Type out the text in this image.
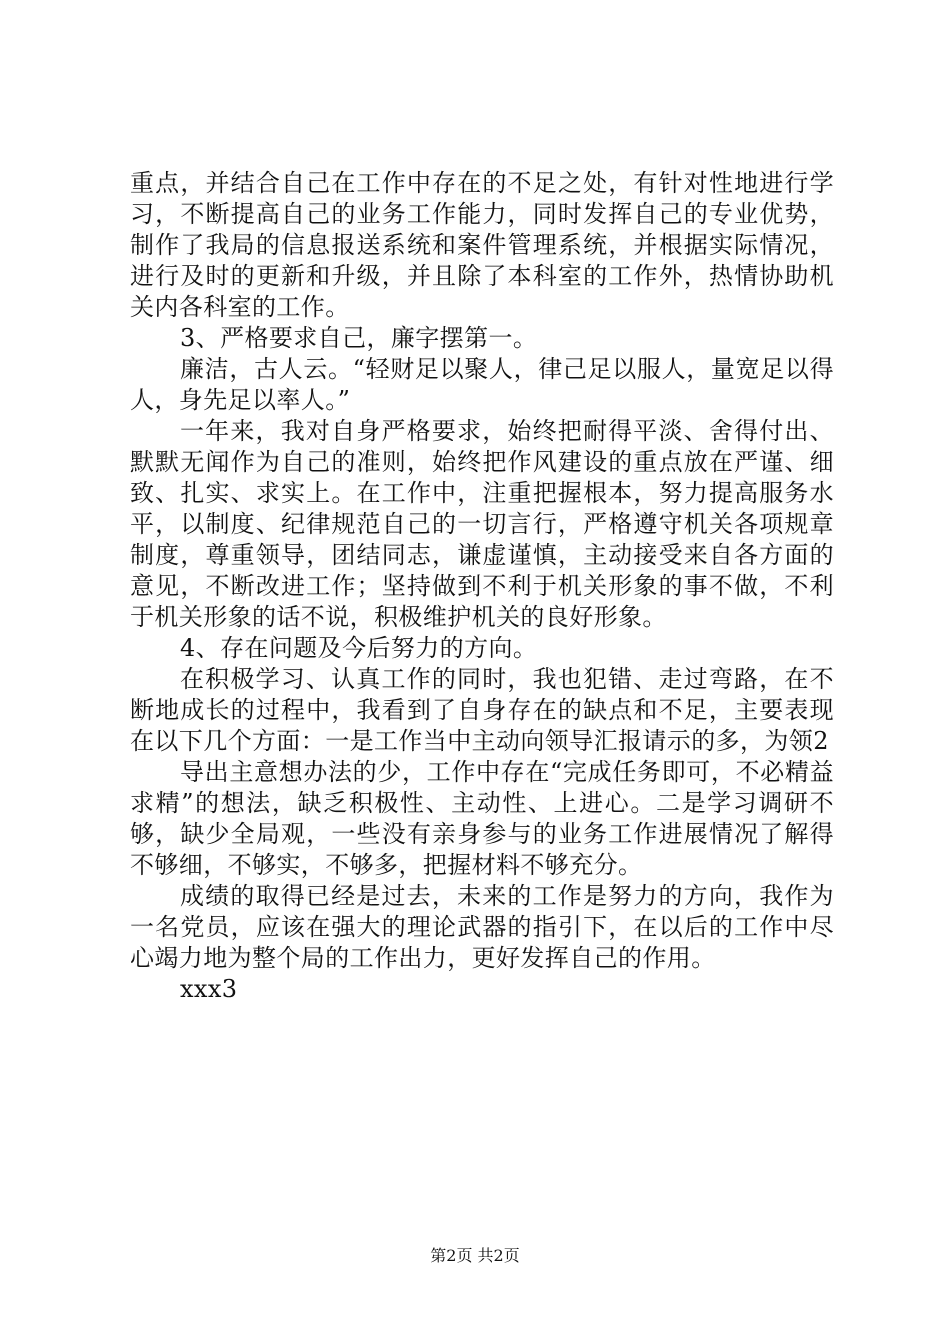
重点，并结合自己在工作中存在的不足之处，有针对性地进行学习，不断提高自己的业务工作能力，同时发挥自己的专业优势，制作了我局的信息报送系统和案件管理系统，并根据实际情况，进行及时的更新和升级，并且除了本科室的工作外，热情协助机关内各科室的工作。

3、严格要求自己，廉字摆第一。

廉洁，古人云。“轻财足以聚人，律己足以服人，量宽足以得人，身先足以率人。”

一年来，我对自身严格要求，始终把耐得平淡、舍得付出、默默无闻作为自己的准则，始终把作风建设的重点放在严谨、细致、扎实、求实上。在工作中，注重把握根本，努力提高服务水平，以制度、纪律规范自己的一切言行，严格遵守机关各项规章制度，尊重领导，团结同志，谦虚谨慎，主动接受来自各方面的意见，不断改进工作；坚持做到不利于机关形象的事不做，不利于机关形象的话不说，积极维护机关的良好形象。

4、存在问题及今后努力的方向。

在积极学习、认真工作的同时，我也犯错、走过弯路，在不断地成长的过程中，我看到了自身存在的缺点和不足，主要表现在以下几个方面：一是工作当中主动向领导汇报请示的多，为领2

导出主意想办法的少，工作中存在“完成任务即可，不必精益求精”的想法，缺乏积极性、主动性、上进心。二是学习调研不够，缺少全局观，一些没有亲身参与的业务工作进展情况了解得不够细，不够实，不够多，把握材料不够充分。

成绩的取得已经是过去，未来的工作是努力的方向，我作为一名党员，应该在强大的理论武器的指引下，在以后的工作中尽心竭力地为整个局的工作出力，更好发挥自己的作用。

xxx3

第2页 共2页
